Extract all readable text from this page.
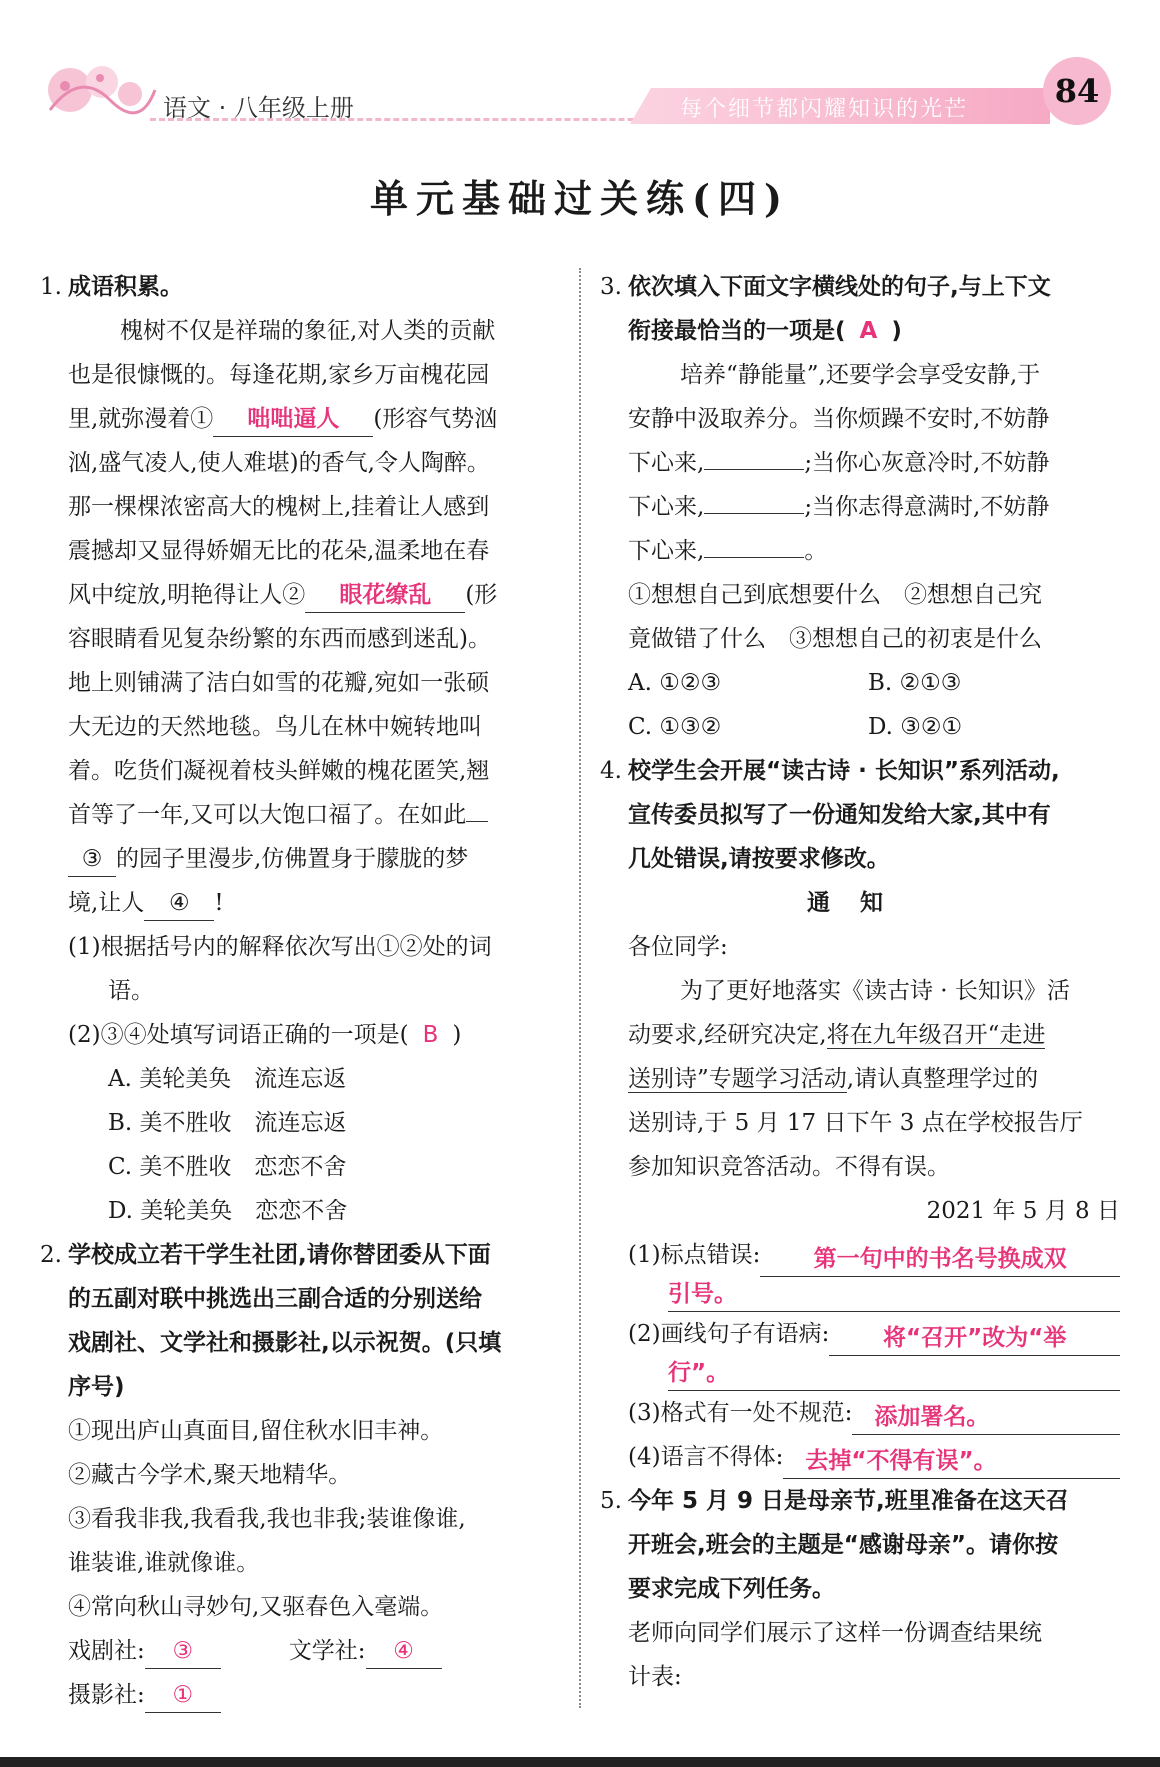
语文 · 八年级上册	每个细节都闪耀知识的光芒	84
单元基础过关练(四)

1. 成语积累。

槐树不仅是祥瑞的象征,对人类的贡献

也是很慷慨的。每逢花期,家乡万亩槐花园

里,就弥漫着① 咄咄逼人 (形容气势汹

汹,盛气凌人,使人难堪)的香气,令人陶醉。

那一棵棵浓密高大的槐树上,挂着让人感到

震撼却又显得娇媚无比的花朵,温柔地在春

风中绽放,明艳得让人② 眼花缭乱 (形

容眼睛看见复杂纷繁的东西而感到迷乱)。

地上则铺满了洁白如雪的花瓣,宛如一张硕

大无边的天然地毯。鸟儿在林中婉转地叫

着。吃货们凝视着枝头鲜嫩的槐花匿笑,翘

首等了一年,又可以大饱口福了。在如此

③ 的园子里漫步,仿佛置身于朦胧的梦

境,让人 ④ !

(1)根据括号内的解释依次写出①②处的词

语。

(2)③④处填写词语正确的一项是( B )

A. 美轮美奂　流连忘返

B. 美不胜收　流连忘返

C. 美不胜收　恋恋不舍

D. 美轮美奂　恋恋不舍

2. 学校成立若干学生社团,请你替团委从下面

的五副对联中挑选出三副合适的分别送给

戏剧社、文学社和摄影社,以示祝贺。(只填

序号)

①现出庐山真面目,留住秋水旧丰神。

②藏古今学术,聚天地精华。

③看我非我,我看我,我也非我;装谁像谁,

谁装谁,谁就像谁。

④常向秋山寻妙句,又驱春色入毫端。

戏剧社: ③	文学社: ④

摄影社: ①

3. 依次填入下面文字横线处的句子,与上下文

衔接最恰当的一项是( A )

培养“静能量”,还要学会享受安静,于

安静中汲取养分。当你烦躁不安时,不妨静

下心来,	;当你心灰意冷时,不妨静

下心来,	;当你志得意满时,不妨静

下心来,	。

①想想自己到底想要什么　②想想自己究

竟做错了什么　③想想自己的初衷是什么

A. ①②③	B. ②①③

C. ①③②	D. ③②①

4. 校学生会开展“读古诗 · 长知识”系列活动,

宣传委员拟写了一份通知发给大家,其中有

几处错误,请按要求修改。

通知

各位同学:

为了更好地落实《读古诗 · 长知识》活

动要求,经研究决定,将在九年级召开“走进

送别诗”专题学习活动,请认真整理学过的

送别诗,于 5 月 17 日下午 3 点在学校报告厅

参加知识竞答活动。不得有误。

2021 年 5 月 8 日

(1)标点错误:	第一句中的书名号换成双
引号。
(2)画线句子有语病:	将“召开”改为“举
行”。
(3)格式有一处不规范: 添加署名。
(4)语言不得体: 去掉“不得有误”。

5. 今年 5 月 9 日是母亲节,班里准备在这天召

开班会,班会的主题是“感谢母亲”。请你按

要求完成下列任务。

老师向同学们展示了这样一份调查结果统

计表:
